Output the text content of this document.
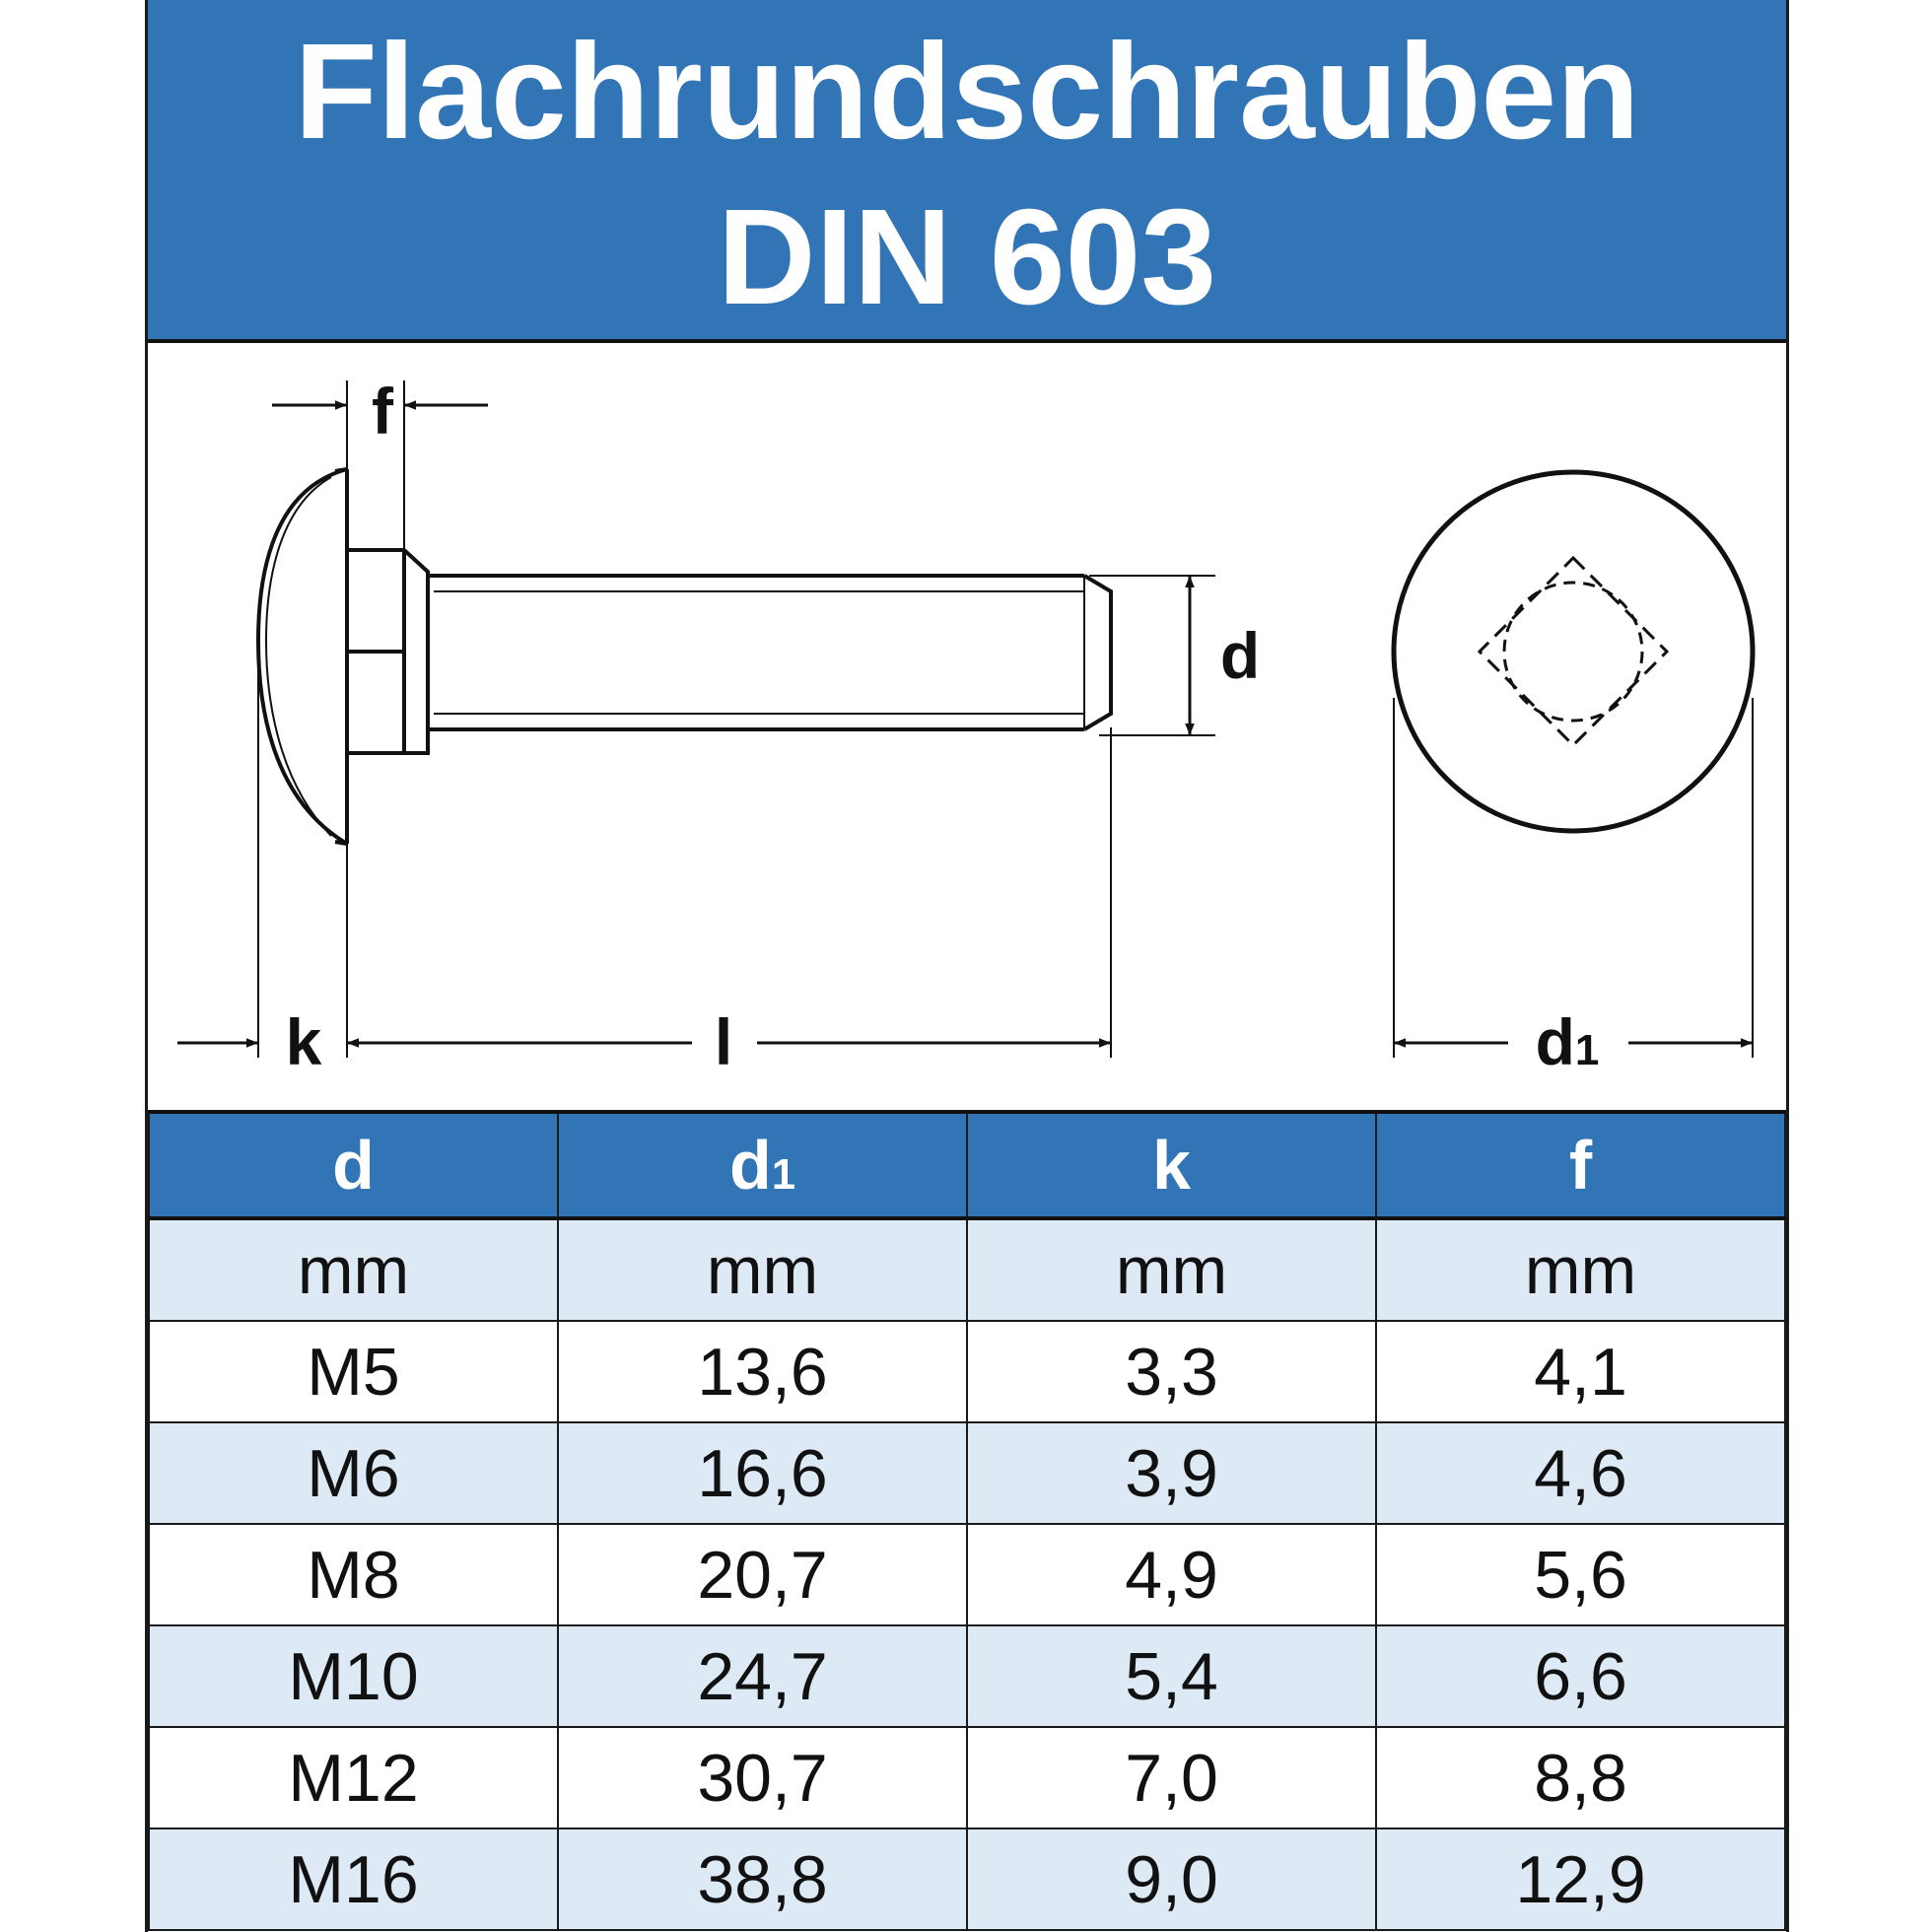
Flachrundschrauben
DIN 603
f
d
k	l	d1
d	d1	k	f
mm	mm	mm	mm
M5	13,6	3,3	4,1
M6	16,6	3,9	4,6
M8	20,7	4,9	5,6
M10	24,7	5,4	6,6
M12	30,7	7,0	8,8
M16	38,8	9,0	12,9
